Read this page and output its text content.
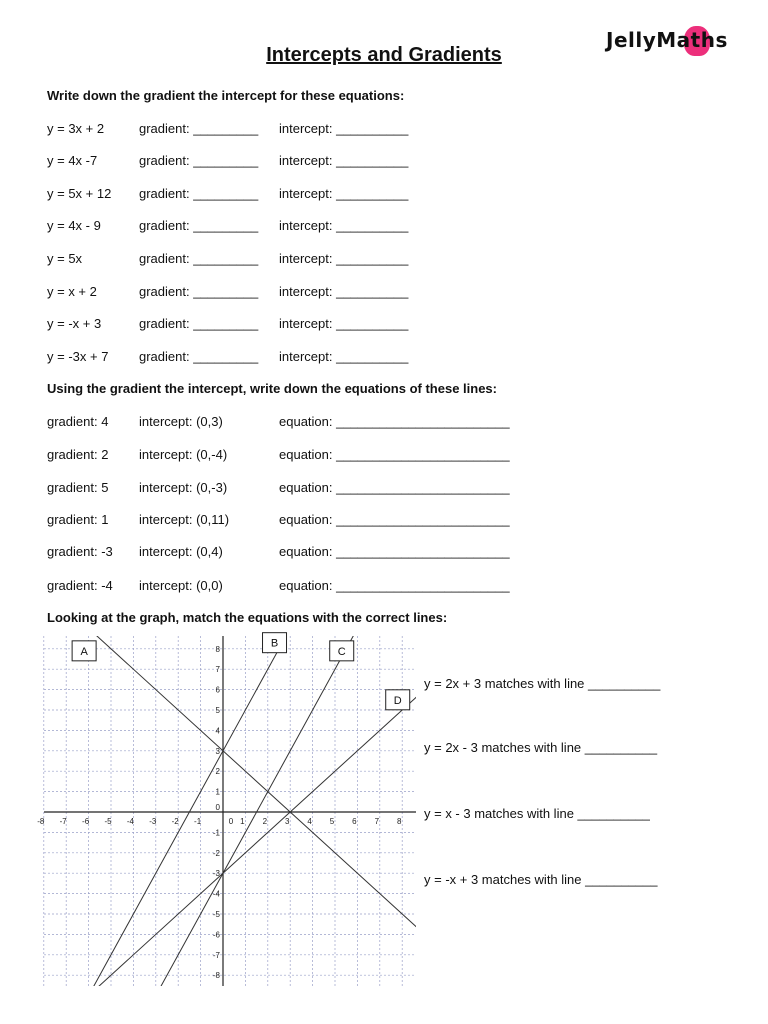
Intercepts and Gradients
JellyMaths
Write down the gradient the intercept for these equations:
y = 3x + 2	gradient: _________ intercept: __________
y = 4x -7	gradient: _________ intercept: __________
y = 5x + 12 gradient: _________ intercept: __________
y = 4x - 9	gradient: _________ intercept: __________
y = 5x	gradient: _________ intercept: __________
y = x + 2	gradient: _________ intercept: __________
y = -x + 3	gradient: _________ intercept: __________
y = -3x + 7 gradient: _________ intercept: __________
Using the gradient the intercept, write down the equations of these lines:
gradient: 4 intercept: (0,3)	equation: ________________________
gradient: 2 intercept: (0,-4)	equation: ________________________
gradient: 5 intercept: (0,-3)	equation: ________________________
gradient: 1 intercept: (0,11)	equation: ________________________
gradient: -3 intercept: (0,4)	equation: ________________________
gradient: -4 intercept: (0,0)	equation: ________________________
Looking at the graph, match the equations with the correct lines:
-8 -7 -6 -5 -4 -3 -2 -1	1 2 3 4 5 6 7 8
8
7
6
5
4
3
2
1
0
-1
-2
-3
-4
-5
-6
-7
-8
0
A
B
C
D
y = 2x + 3 matches with line __________
y = 2x - 3 matches with line __________
y = x - 3 matches with line __________
y = -x + 3 matches with line __________
